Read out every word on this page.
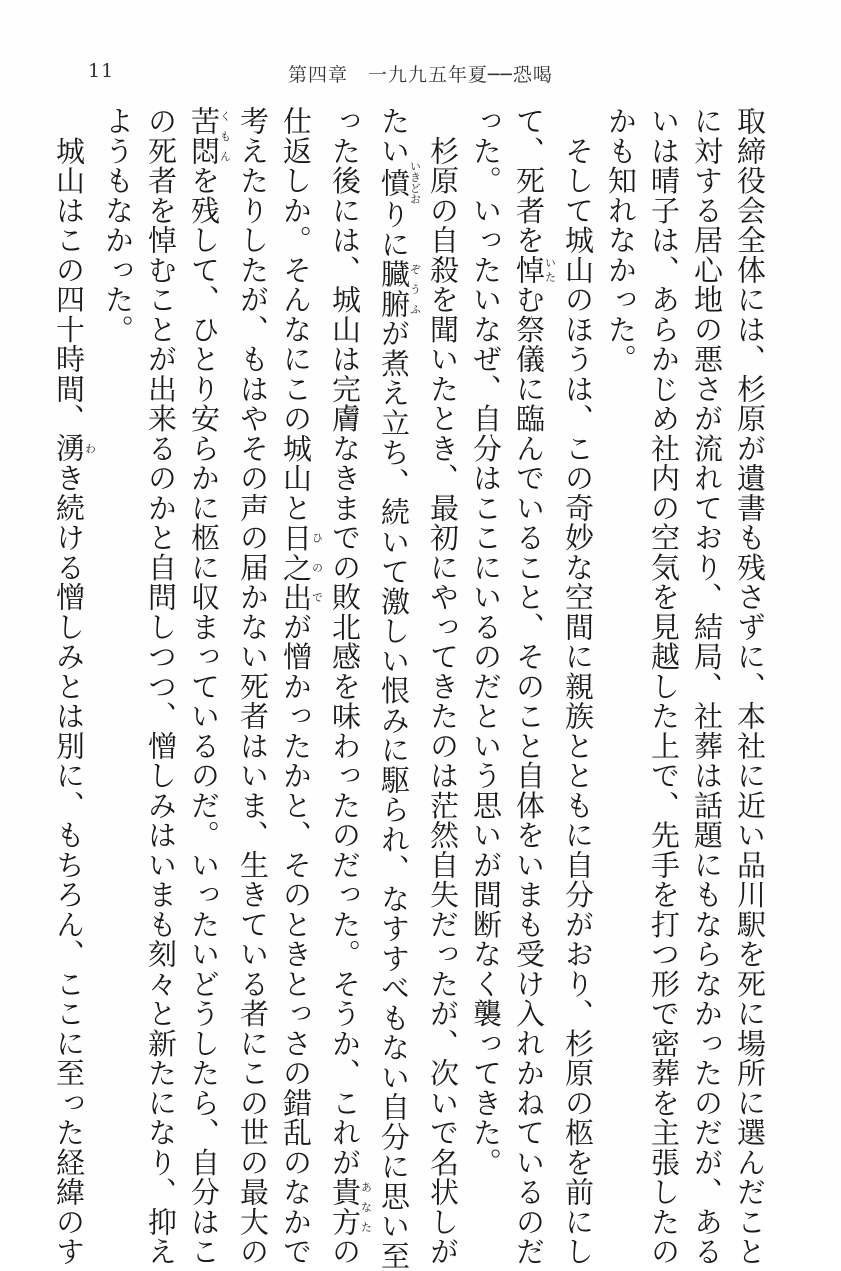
11	第四章　一九九五年夏──恐喝
取締役会全体には、杉原が遺書も残さずに、本社に近い品川駅を死に場所に選んだこと
に対する居心地の悪さが流れており、結局、社葬は話題にもならなかったのだが、ある
いは晴子は、あらかじめ社内の空気を見越した上で、先手を打つ形で密葬を主張したの
かも知れなかった。
　そして城山のほうは、この奇妙な空間に親族とともに自分がおり、杉原の柩を前にし
て、死者を悼いたむ祭儀に臨んでいること、そのこと自体をいまも受け入れかねているのだ
った。いったいなぜ、自分はここにいるのだという思いが間断なく襲ってきた。
　杉原の自殺を聞いたとき、最初にやってきたのは茫然自失だったが、次いで名状しが
たい憤いきどおりに臓腑ぞうふが煮え立ち、続いて激しい恨みに駆られ、なすすべもない自分に思い至
った後には、城山は完膚なきまでの敗北感を味わったのだった。そうか、これが貴方あなたの
仕返しか。そんなにこの城山と日之出ひのでが憎かったかと、そのときとっさの錯乱のなかで
考えたりしたが、もはやその声の届かない死者はいま、生きている者にこの世の最大の
苦悶くもんを残して、ひとり安らかに柩に収まっているのだ。いったいどうしたら、自分はこ
の死者を悼むことが出来るのかと自問しつつ、憎しみはいまも刻々と新たになり、抑え
ようもなかった。
　城山はこの四十時間、湧わき続ける憎しみとは別に、もちろん、ここに至った経緯のす
